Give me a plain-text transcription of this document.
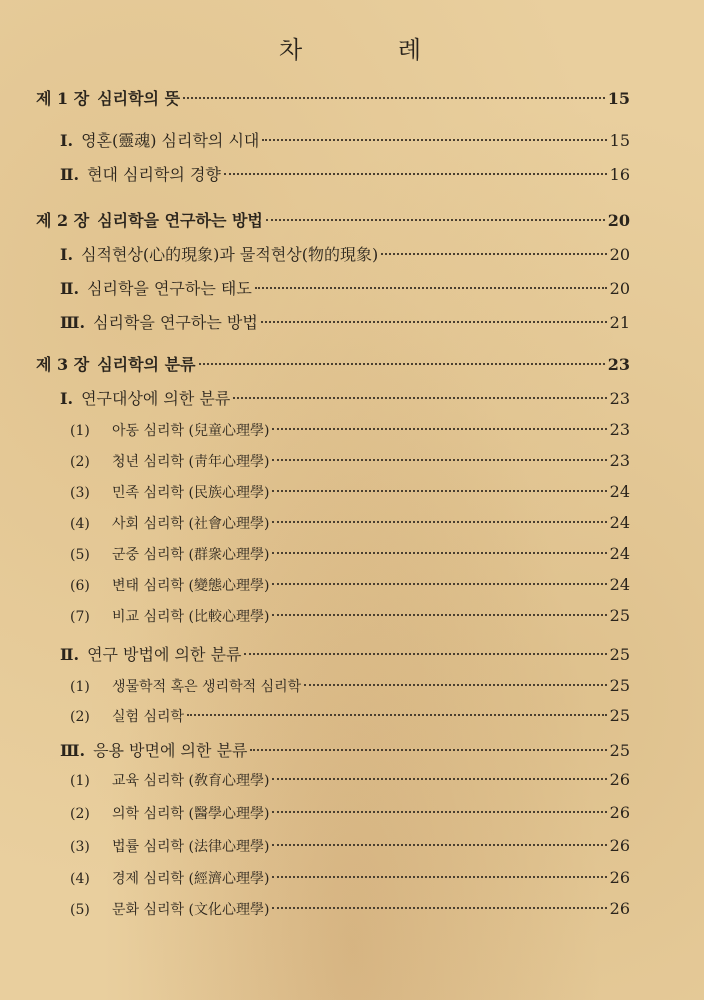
차 례
제 1 장 심리학의 뜻	15
Ⅰ. 영혼(靈魂) 심리학의 시대	15
Ⅱ. 현대 심리학의 경향	16
제 2 장 심리학을 연구하는 방법	20
Ⅰ. 심적현상(心的現象)과 물적현상(物的現象)	20
Ⅱ. 심리학을 연구하는 태도	20
Ⅲ. 심리학을 연구하는 방법	21
제 3 장 심리학의 분류	23
Ⅰ. 연구대상에 의한 분류	23
(1)	아동 심리학 (兒童心理學)	23
(2)	청년 심리학 (靑年心理學)	23
(3)	민족 심리학 (民族心理學)	24
(4)	사회 심리학 (社會心理學)	24
(5)	군중 심리학 (群衆心理學)	24
(6)	변태 심리학 (變態心理學)	24
(7)	비교 심리학 (比較心理學)	25
Ⅱ. 연구 방법에 의한 분류	25
(1)	생물학적 혹은 생리학적 심리학	25
(2)	실험 심리학	25
Ⅲ. 응용 방면에 의한 분류	25
(1)	교육 심리학 (敎育心理學)	26
(2)	의학 심리학 (醫學心理學)	26
(3)	법률 심리학 (法律心理學)	26
(4)	경제 심리학 (經濟心理學)	26
(5)	문화 심리학 (文化心理學)	26
